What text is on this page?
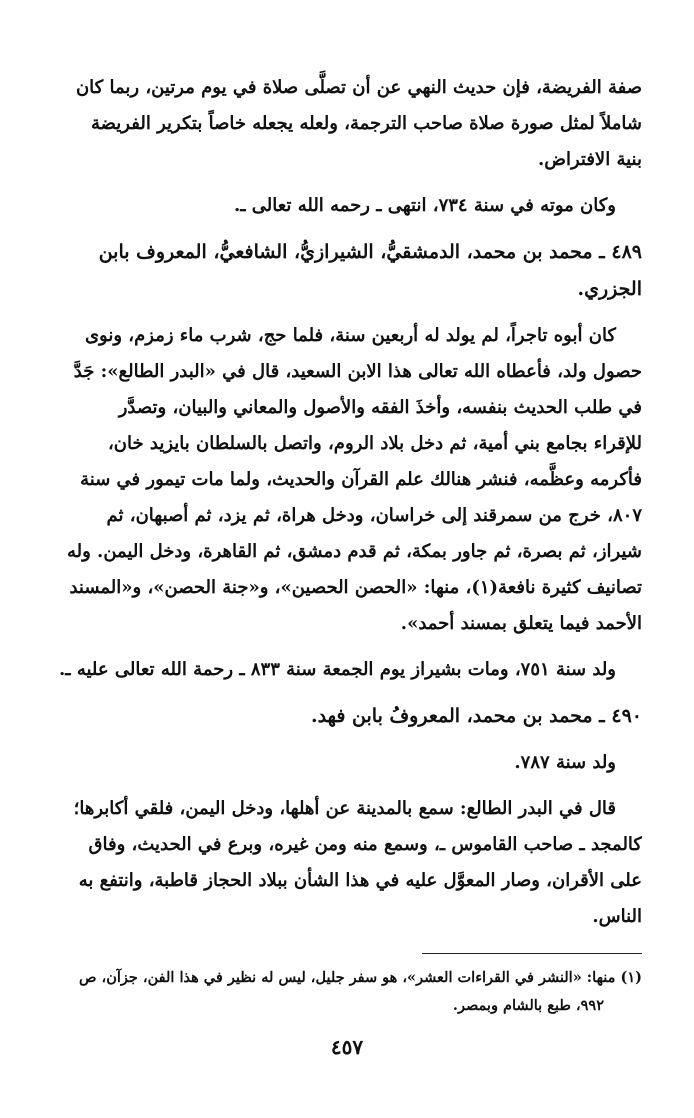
صفة الفريضة، فإن حديث النهي عن أن تصلَّى صلاة في يوم مرتين، ربما كان
شاملاً لمثل صورة صلاة صاحب الترجمة، ولعله يجعله خاصاً بتكرير الفريضة
بنية الافتراض.
وكان موته في سنة ٧٣٤، انتهى ـ رحمه الله تعالى ـ.
٤٨٩ ـ محمد بن محمد، الدمشقيُّ، الشيرازيُّ، الشافعيُّ، المعروف بابن
الجزري.
كان أبوه تاجراً، لم يولد له أربعين سنة، فلما حج، شرب ماء زمزم، ونوى
حصول ولد، فأعطاه الله تعالى هذا الابن السعيد، قال في «البدر الطالع»: جَدَّ
في طلب الحديث بنفسه، وأخذَ الفقه والأصول والمعاني والبيان، وتصدَّر
للإقراء بجامع بني أمية، ثم دخل بلاد الروم، واتصل بالسلطان بايزيد خان،
فأكرمه وعظَّمه، فنشر هنالك علم القرآن والحديث، ولما مات تيمور في سنة
٨٠٧، خرج من سمرقند إلى خراسان، ودخل هراة، ثم يزد، ثم أصبهان، ثم
شيراز، ثم بصرة، ثم جاور بمكة، ثم قدم دمشق، ثم القاهرة، ودخل اليمن. وله
تصانيف كثيرة نافعة(١)، منها: «الحصن الحصين»، و«جنة الحصن»، و«المسند
الأحمد فيما يتعلق بمسند أحمد».
ولد سنة ٧٥١، ومات بشيراز يوم الجمعة سنة ٨٣٣ ـ رحمة الله تعالى عليه ـ.
٤٩٠ ـ محمد بن محمد، المعروفُ بابن فهد.
ولد سنة ٧٨٧.
قال في البدر الطالع: سمع بالمدينة عن أهلها، ودخل اليمن، فلقي أكابرها؛
كالمجد ـ صاحب القاموس ـ، وسمع منه ومن غيره، وبرع في الحديث، وفاق
على الأقران، وصار المعوَّل عليه في هذا الشأن ببلاد الحجاز قاطبة، وانتفع به
الناس.
(١) منها: «النشر في القراءات العشر»، هو سفر جليل، ليس له نظير في هذا الفن، جزآن، ص
٩٩٢، طبع بالشام وبمصر.
٤٥٧
